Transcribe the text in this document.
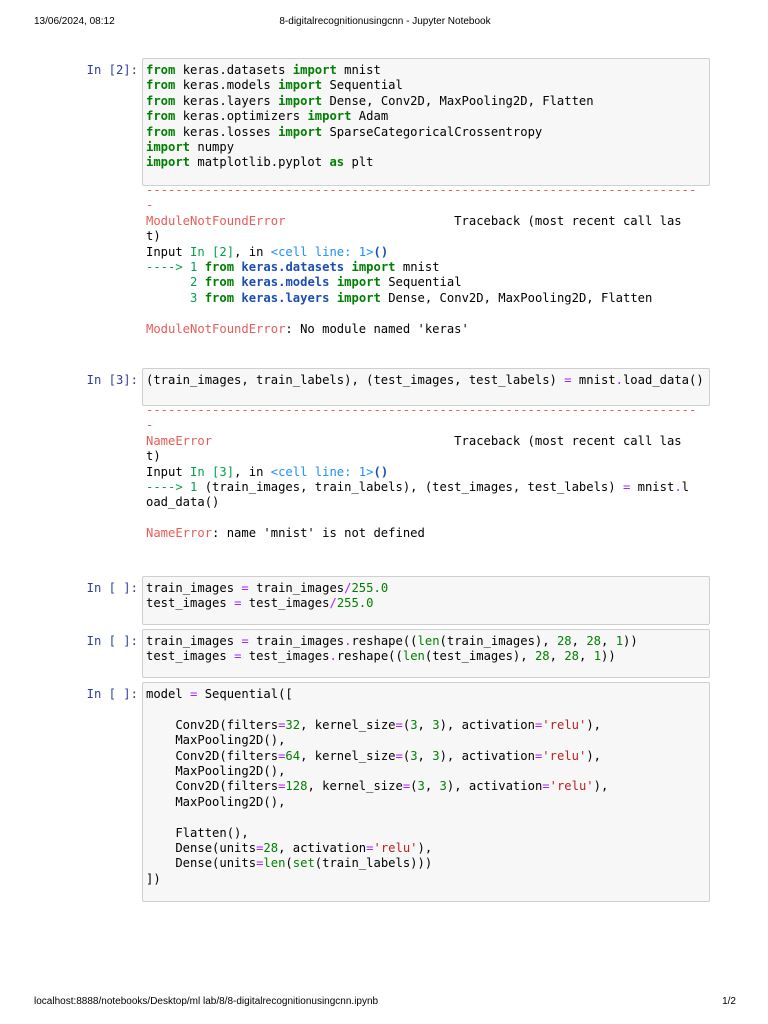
13/06/2024, 08:12	8-digitalrecognitionusingcnn - Jupyter Notebook
In [2]: from keras.datasets import mnist
from keras.models import Sequential
from keras.layers import Dense, Conv2D, MaxPooling2D, Flatten
from keras.optimizers import Adam
from keras.losses import SparseCategoricalCrossentropy
import numpy
import matplotlib.pyplot as plt
---------------------------------------------------------------------------
-
ModuleNotFoundError                       Traceback (most recent call las
t)
Input In [2], in <cell line: 1>()
----> 1 from keras.datasets import mnist
2 from keras.models import Sequential
3 from keras.layers import Dense, Conv2D, MaxPooling2D, Flatten
ModuleNotFoundError: No module named 'keras'
In [3]: (train_images, train_labels), (test_images, test_labels) = mnist.load_data()
---------------------------------------------------------------------------
-
NameError                                 Traceback (most recent call las
t)
Input In [3], in <cell line: 1>()
----> 1 (train_images, train_labels), (test_images, test_labels) = mnist.l
oad_data()
NameError: name 'mnist' is not defined
In [ ]: train_images = train_images/255.0
test_images = test_images/255.0
In [ ]: train_images = train_images.reshape((len(train_images), 28, 28, 1))
test_images = test_images.reshape((len(test_images), 28, 28, 1))
In [ ]: model = Sequential([
Conv2D(filters=32, kernel_size=(3, 3), activation='relu'),
MaxPooling2D(),
Conv2D(filters=64, kernel_size=(3, 3), activation='relu'),
MaxPooling2D(),
Conv2D(filters=128, kernel_size=(3, 3), activation='relu'),
MaxPooling2D(),
Flatten(),
Dense(units=28, activation='relu'),
Dense(units=len(set(train_labels)))
])
localhost:8888/notebooks/Desktop/ml lab/8/8-digitalrecognitionusingcnn.ipynb	1/2
